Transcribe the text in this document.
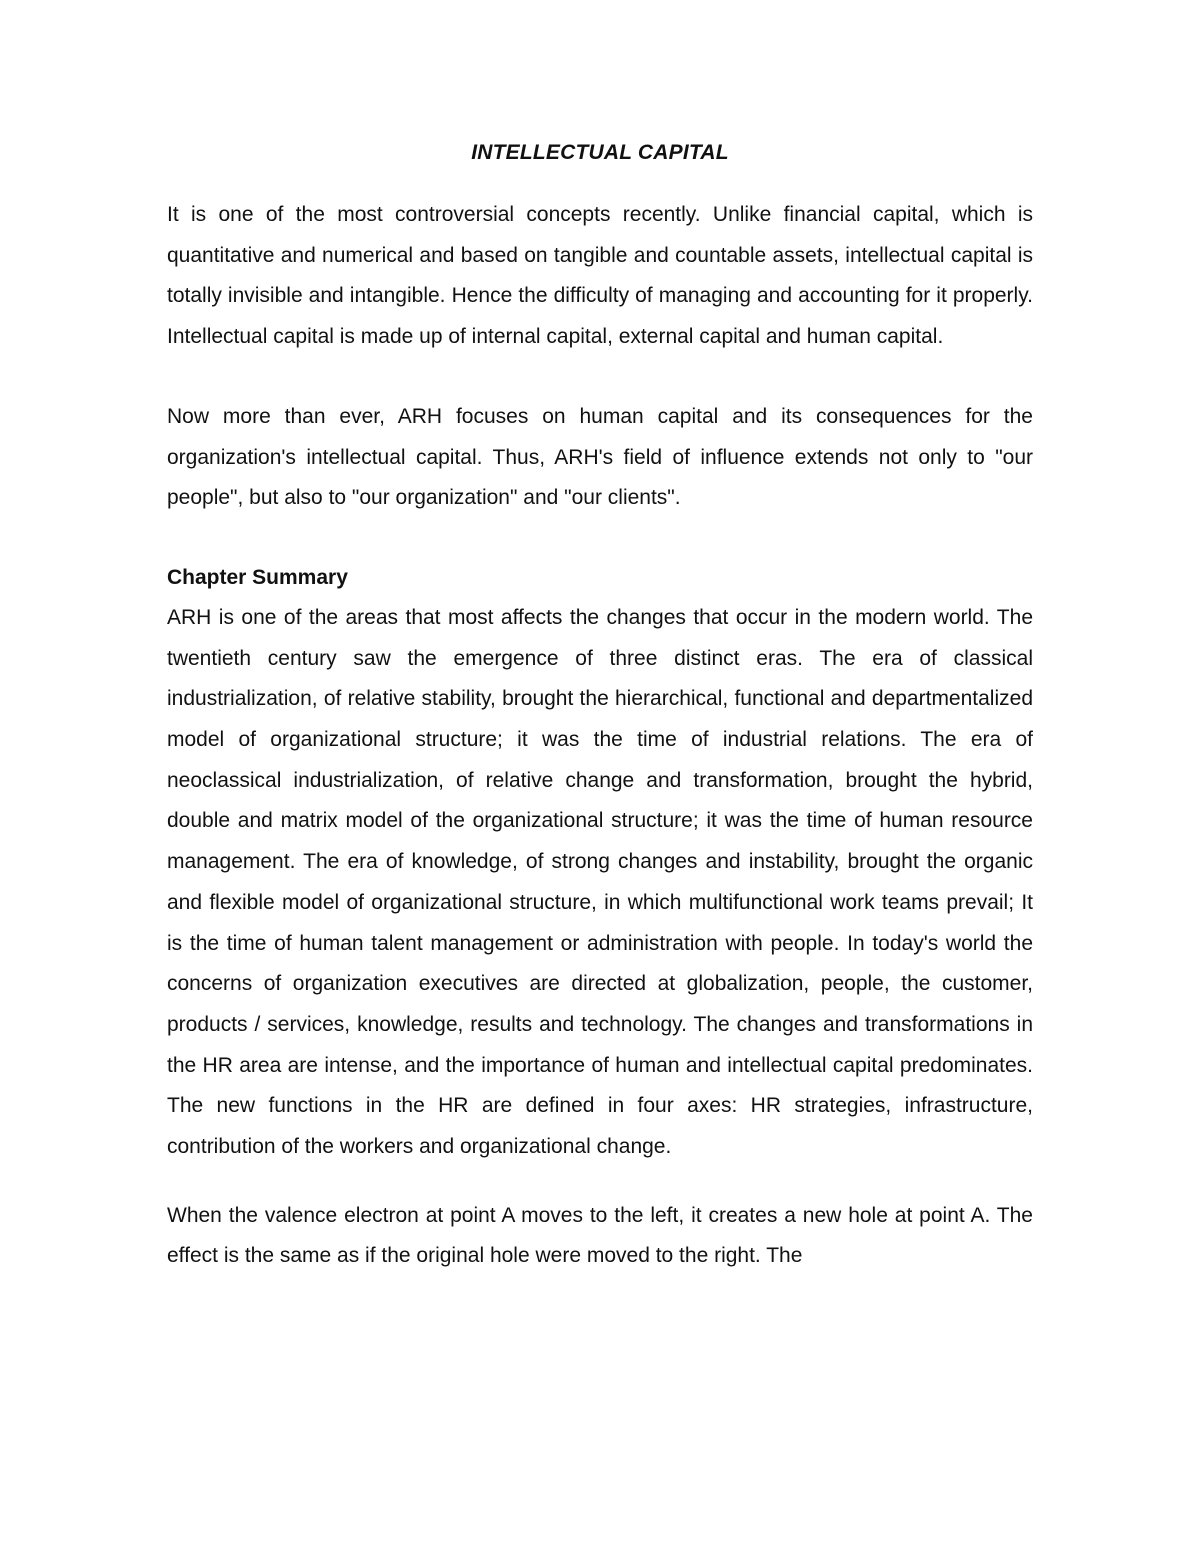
INTELLECTUAL CAPITAL

It is one of the most controversial concepts recently. Unlike financial capital, which is quantitative and numerical and based on tangible and countable assets, intellectual capital is totally invisible and intangible. Hence the difficulty of managing and accounting for it properly. Intellectual capital is made up of internal capital, external capital and human capital.

Now more than ever, ARH focuses on human capital and its consequences for the organization's intellectual capital. Thus, ARH's field of influence extends not only to "our people", but also to "our organization" and "our clients".

Chapter Summary

ARH is one of the areas that most affects the changes that occur in the modern world. The twentieth century saw the emergence of three distinct eras. The era of classical industrialization, of relative stability, brought the hierarchical, functional and departmentalized model of organizational structure; it was the time of industrial relations. The era of neoclassical industrialization, of relative change and transformation, brought the hybrid, double and matrix model of the organizational structure; it was the time of human resource management. The era of knowledge, of strong changes and instability, brought the organic and flexible model of organizational structure, in which multifunctional work teams prevail; It is the time of human talent management or administration with people. In today's world the concerns of organization executives are directed at globalization, people, the customer, products / services, knowledge, results and technology. The changes and transformations in the HR area are intense, and the importance of human and intellectual capital predominates. The new functions in the HR are defined in four axes: HR strategies, infrastructure, contribution of the workers and organizational change.

When the valence electron at point A moves to the left, it creates a new hole at point A. The effect is the same as if the original hole were moved to the right. The
